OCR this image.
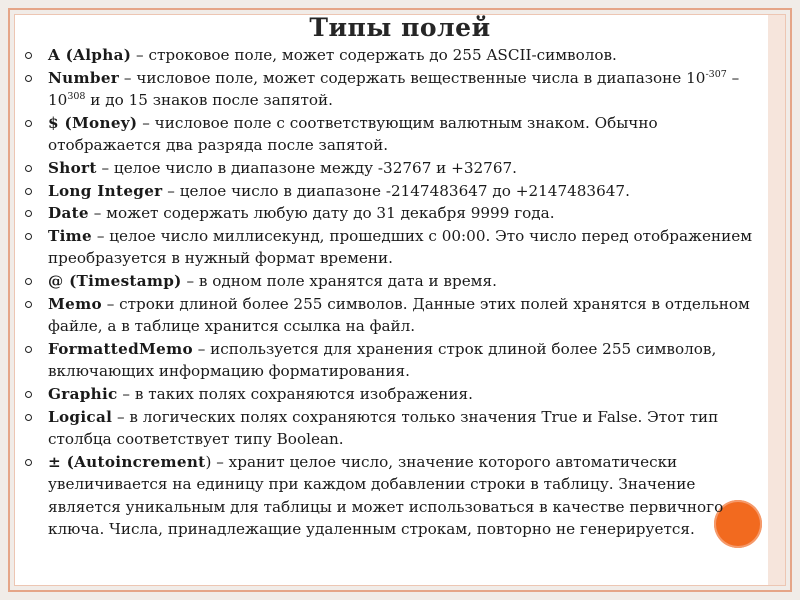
Типы полей
A (Alpha) – строковое поле, может содержать до 255 ASCII-символов.
Number – числовое поле, может содержать вещественные числа в диапазоне $10^{-307} - 10^{308}$ и до 15 знаков после запятой.
$ (Money) – числовое поле с соответствующим валютным знаком. Обычно отображается два разряда после запятой.
Short – целое число в диапазоне между -32767 и +32767.
Long Integer – целое число в диапазоне -2147483647 до +2147483647.
Date – может содержать любую дату до 31 декабря 9999 года.
Time – целое число миллисекунд, прошедших с 00:00. Это число перед отображением преобразуется в нужный формат времени.
@ (Timestamp) – в одном поле хранятся дата и время.
Memo – строки длиной более 255 символов. Данные этих полей хранятся в отдельном файле, а в таблице хранится ссылка на файл.
FormattedMemo – используется для хранения строк длиной более 255 символов, включающих информацию форматирования.
Graphic – в таких полях сохраняются изображения.
Logical – в логических полях сохраняются только значения True и False. Этот тип столбца соответствует типу Boolean.
± (Autoincrement) – хранит целое число, значение которого автоматически увеличивается на единицу при каждом добавлении строки в таблицу. Значение является уникальным для таблицы и может использоваться в качестве первичного ключа. Числа, принадлежащие удаленным строкам, повторно не генерируется.
